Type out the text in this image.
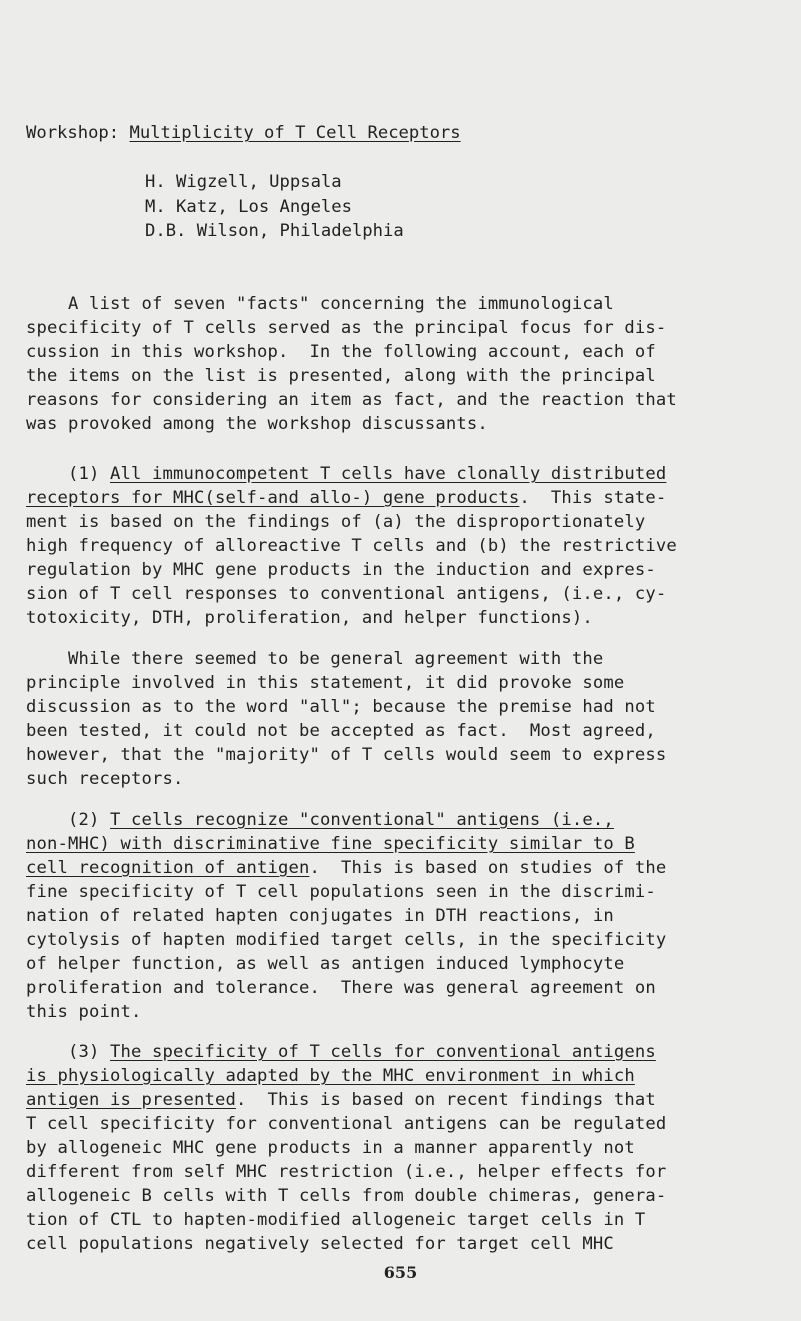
Workshop: Multiplicity of T Cell Receptors
H. Wigzell, Uppsala
M. Katz, Los Angeles
D.B. Wilson, Philadelphia
A list of seven "facts" concerning the immunological
specificity of T cells served as the principal focus for dis-
cussion in this workshop.  In the following account, each of
the items on the list is presented, along with the principal
reasons for considering an item as fact, and the reaction that
was provoked among the workshop discussants.
(1) All immunocompetent T cells have clonally distributed
receptors for MHC(self-and allo-) gene products.  This state-
ment is based on the findings of (a) the disproportionately
high frequency of alloreactive T cells and (b) the restrictive
regulation by MHC gene products in the induction and expres-
sion of T cell responses to conventional antigens, (i.e., cy-
totoxicity, DTH, proliferation, and helper functions).
While there seemed to be general agreement with the
principle involved in this statement, it did provoke some
discussion as to the word "all"; because the premise had not
been tested, it could not be accepted as fact.  Most agreed,
however, that the "majority" of T cells would seem to express
such receptors.
(2) T cells recognize "conventional" antigens (i.e.,
non-MHC) with discriminative fine specificity similar to B
cell recognition of antigen.  This is based on studies of the
fine specificity of T cell populations seen in the discrimi-
nation of related hapten conjugates in DTH reactions, in
cytolysis of hapten modified target cells, in the specificity
of helper function, as well as antigen induced lymphocyte
proliferation and tolerance.  There was general agreement on
this point.
(3) The specificity of T cells for conventional antigens
is physiologically adapted by the MHC environment in which
antigen is presented.  This is based on recent findings that
T cell specificity for conventional antigens can be regulated
by allogeneic MHC gene products in a manner apparently not
different from self MHC restriction (i.e., helper effects for
allogeneic B cells with T cells from double chimeras, genera-
tion of CTL to hapten-modified allogeneic target cells in T
cell populations negatively selected for target cell MHC
655
